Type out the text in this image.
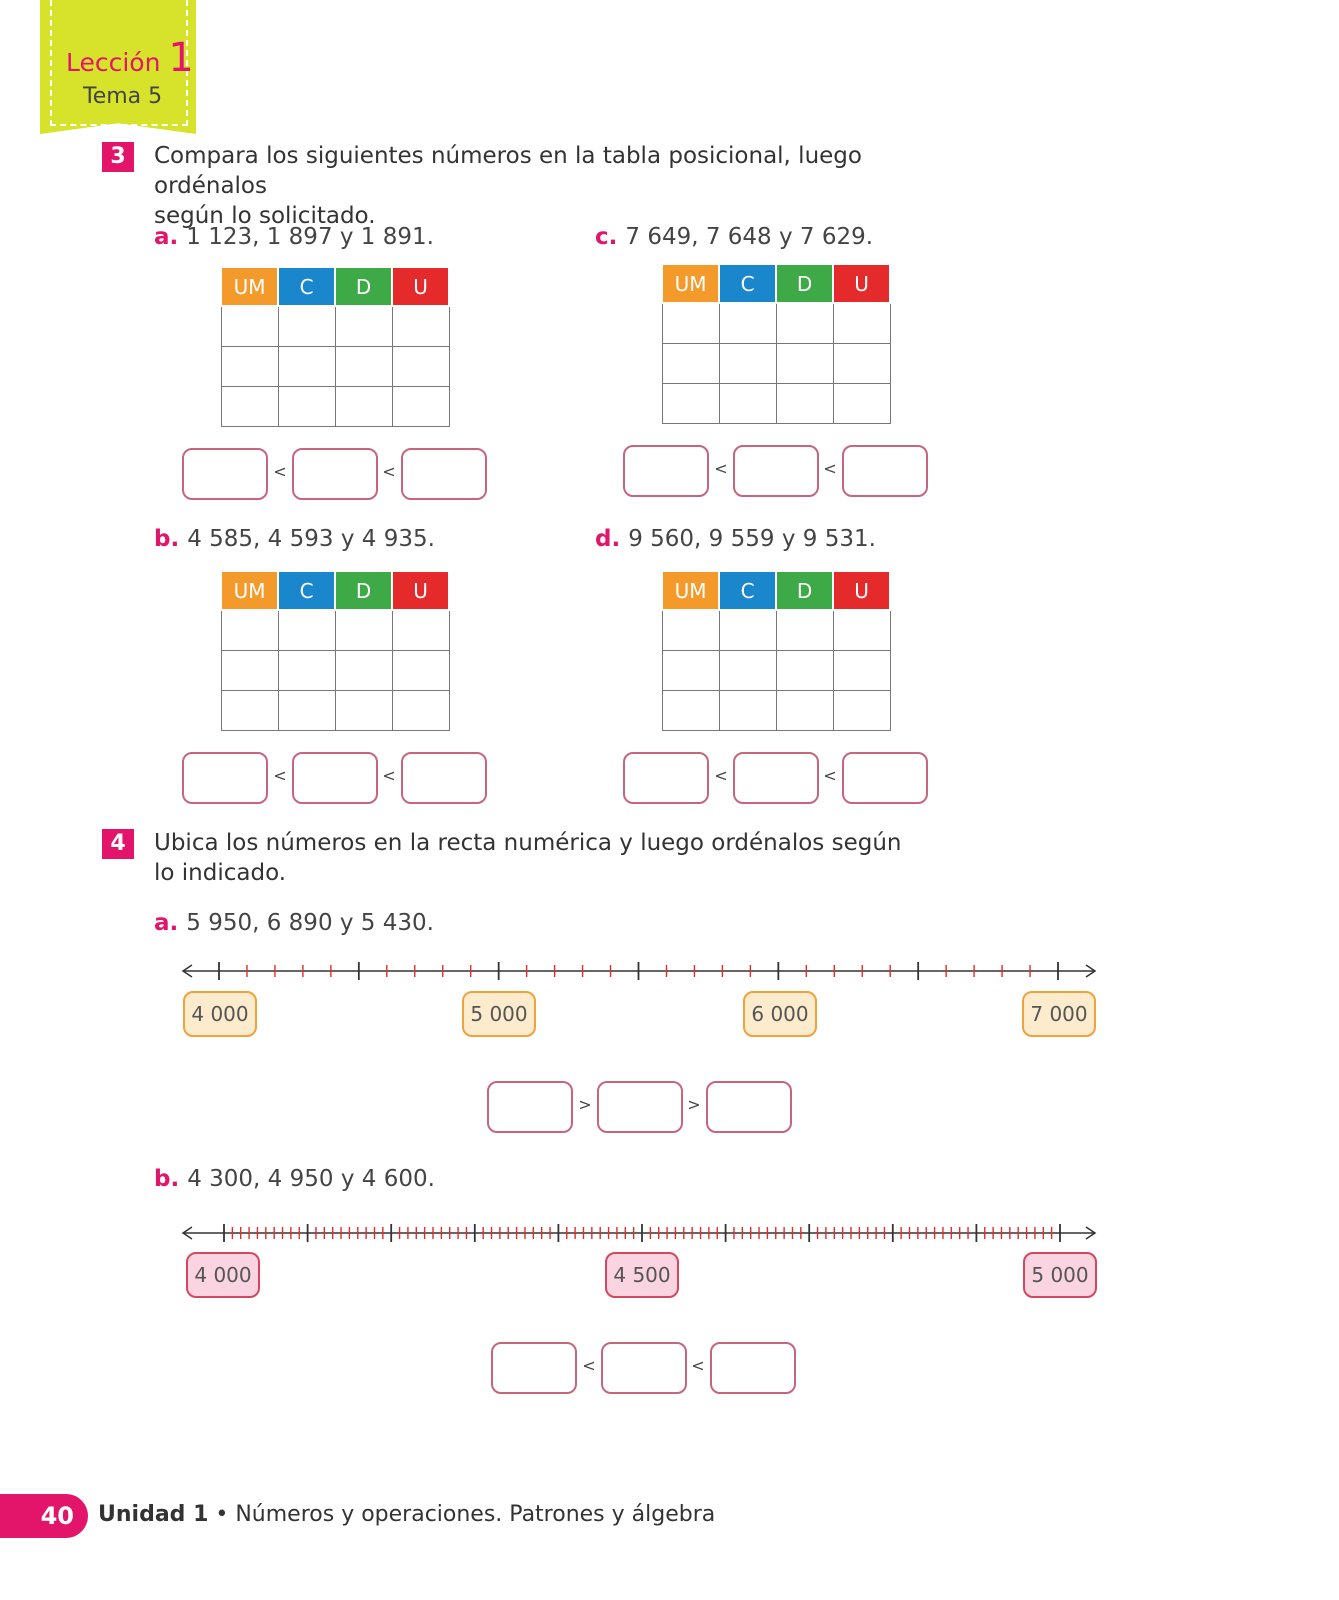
Lección 1
Tema 5
3	Compara los siguientes números en la tabla posicional, luego ordénalos
según lo solicitado.
a. 1 123, 1 897 y 1 891.
UM	C	D	U

<	<
c. 7 649, 7 648 y 7 629.
UM	C	D	U

<	<
b. 4 585, 4 593 y 4 935.
UM	C	D	U

<	<
d. 9 560, 9 559 y 9 531.
UM	C	D	U

<	<
4	Ubica los números en la recta numérica y luego ordénalos según
lo indicado.
a. 5 950, 6 890 y 5 430.
4 000	5 000	6 000	7 000
>	>
b. 4 300, 4 950 y 4 600.
4 000	4 500	5 000
<	<
40	Unidad 1 • Números y operaciones. Patrones y álgebra
